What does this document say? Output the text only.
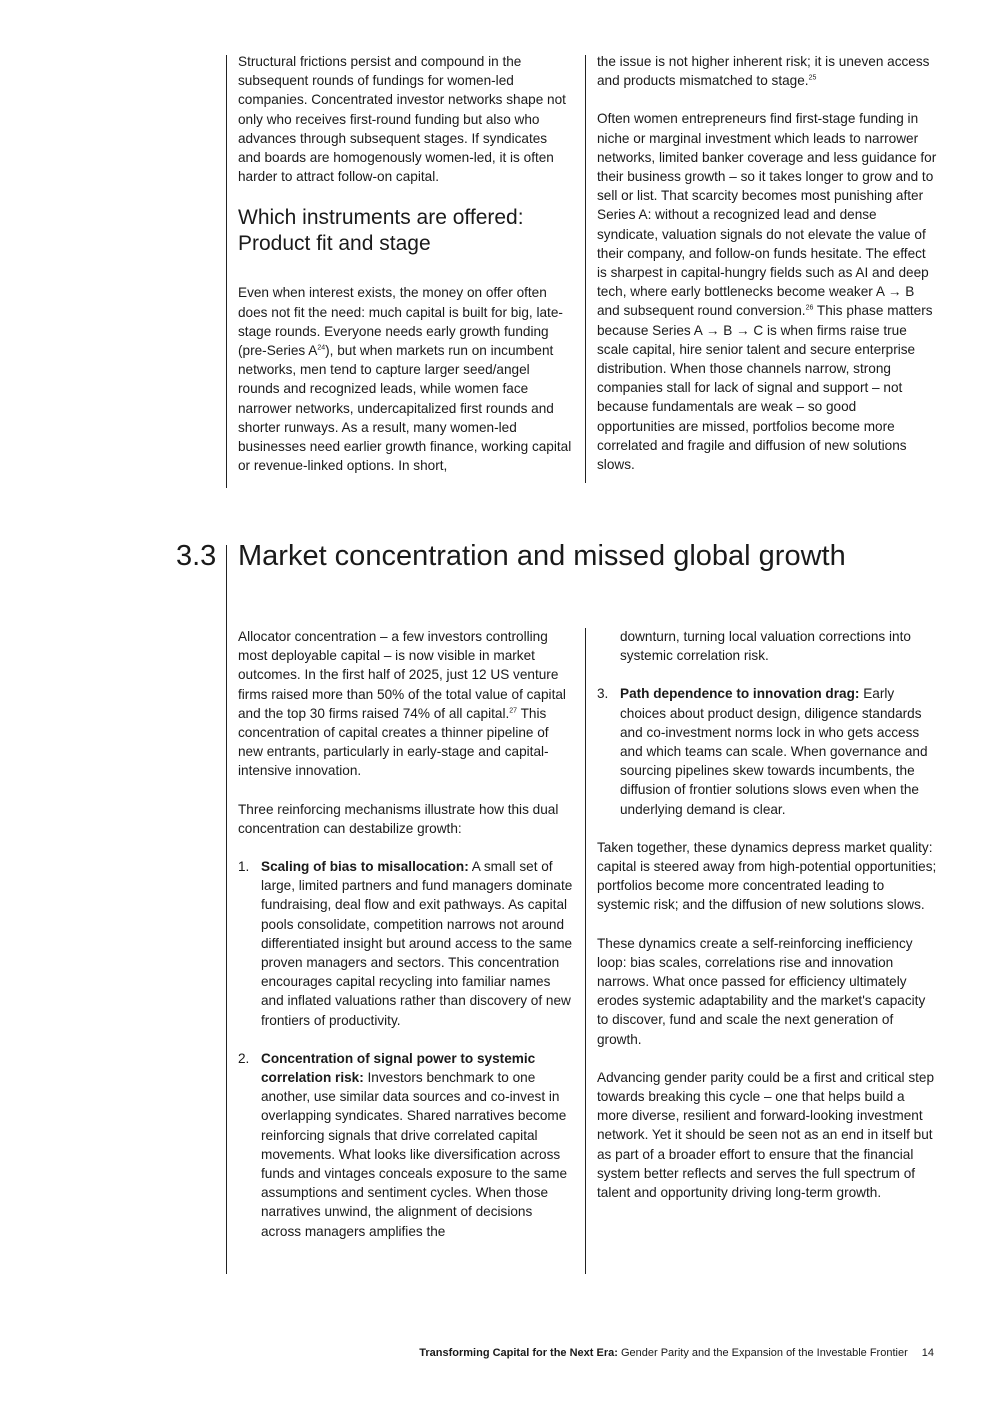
Structural frictions persist and compound in the subsequent rounds of fundings for women-led companies. Concentrated investor networks shape not only who receives first-round funding but also who advances through subsequent stages. If syndicates and boards are homogenously women-led, it is often harder to attract follow-on capital.

Which instruments are offered:
Product fit and stage

Even when interest exists, the money on offer often does not fit the need: much capital is built for big, late-stage rounds. Everyone needs early growth funding (pre-Series $A^{24}$), but when markets run on incumbent networks, men tend to capture larger seed/angel rounds and recognized leads, while women face narrower networks, undercapitalized first rounds and shorter runways. As a result, many women-led businesses need earlier growth finance, working capital or revenue-linked options. In short,

the issue is not higher inherent risk; it is uneven access and products mismatched to stage.$^{25}$

Often women entrepreneurs find first-stage funding in niche or marginal investment which leads to narrower networks, limited banker coverage and less guidance for their business growth – so it takes longer to grow and to sell or list. That scarcity becomes most punishing after Series A: without a recognized lead and dense syndicate, valuation signals do not elevate the value of their company, and follow-on funds hesitate. The effect is sharpest in capital-hungry fields such as AI and deep tech, where early bottlenecks become weaker A → B and subsequent round conversion.$^{26}$ This phase matters because Series A → B → C is when firms raise true scale capital, hire senior talent and secure enterprise distribution. When those channels narrow, strong companies stall for lack of signal and support – not because fundamentals are weak – so good opportunities are missed, portfolios become more correlated and fragile and diffusion of new solutions slows.

3.3 Market concentration and missed global growth

Allocator concentration – a few investors controlling most deployable capital – is now visible in market outcomes. In the first half of 2025, just 12 US venture firms raised more than 50% of the total value of capital and the top 30 firms raised 74% of all capital.$^{27}$ This concentration of capital creates a thinner pipeline of new entrants, particularly in early-stage and capital-intensive innovation.

Three reinforcing mechanisms illustrate how this dual concentration can destabilize growth:

1. Scaling of bias to misallocation: A small set of large, limited partners and fund managers dominate fundraising, deal flow and exit pathways. As capital pools consolidate, competition narrows not around differentiated insight but around access to the same proven managers and sectors. This concentration encourages capital recycling into familiar names and inflated valuations rather than discovery of new frontiers of productivity.
2. Concentration of signal power to systemic correlation risk: Investors benchmark to one another, use similar data sources and co-invest in overlapping syndicates. Shared narratives become reinforcing signals that drive correlated capital movements. What looks like diversification across funds and vintages conceals exposure to the same assumptions and sentiment cycles. When those narratives unwind, the alignment of decisions across managers amplifies the

downturn, turning local valuation corrections into systemic correlation risk.

3. Path dependence to innovation drag: Early choices about product design, diligence standards and co-investment norms lock in who gets access and which teams can scale. When governance and sourcing pipelines skew towards incumbents, the diffusion of frontier solutions slows even when the underlying demand is clear.

Taken together, these dynamics depress market quality: capital is steered away from high-potential opportunities; portfolios become more concentrated leading to systemic risk; and the diffusion of new solutions slows.

These dynamics create a self-reinforcing inefficiency loop: bias scales, correlations rise and innovation narrows. What once passed for efficiency ultimately erodes systemic adaptability and the market's capacity to discover, fund and scale the next generation of growth.

Advancing gender parity could be a first and critical step towards breaking this cycle – one that helps build a more diverse, resilient and forward-looking investment network. Yet it should be seen not as an end in itself but as part of a broader effort to ensure that the financial system better reflects and serves the full spectrum of talent and opportunity driving long-term growth.

Transforming Capital for the Next Era: Gender Parity and the Expansion of the Investable Frontier 14
